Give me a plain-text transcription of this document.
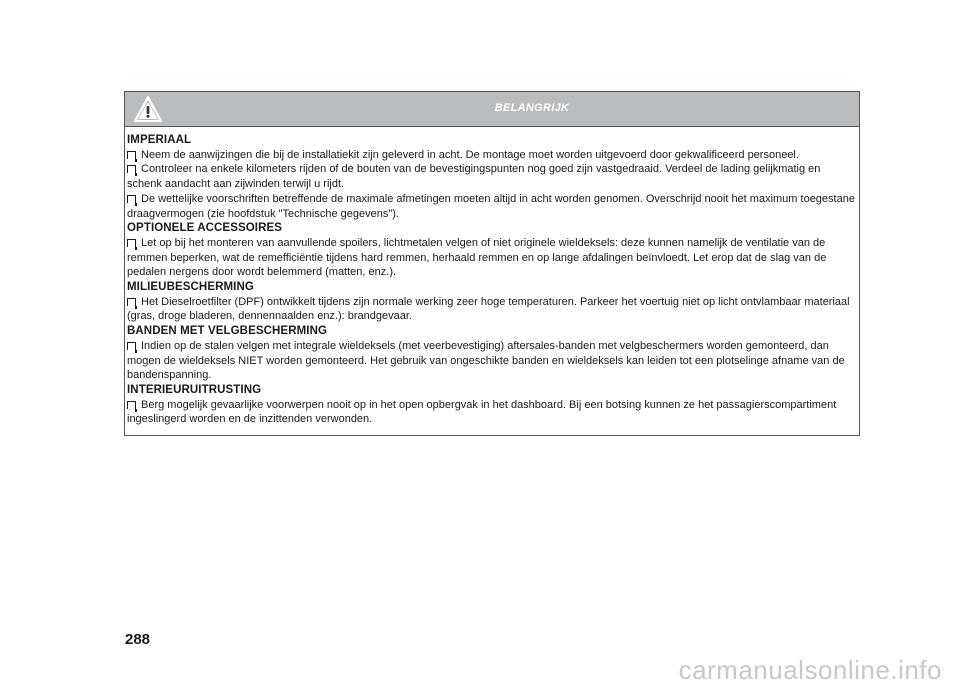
BELANGRIJK
IMPERIAAL

Neem de aanwijzingen die bij de installatiekit zijn geleverd in acht. De montage moet worden uitgevoerd door gekwalificeerd personeel.

Controleer na enkele kilometers rijden of de bouten van de bevestigingspunten nog goed zijn vastgedraaid. Verdeel de lading gelijkmatig en schenk aandacht aan zijwinden terwijl u rijdt.

De wettelijke voorschriften betreffende de maximale afmetingen moeten altijd in acht worden genomen. Overschrijd nooit het maximum toegestane draagvermogen (zie hoofdstuk "Technische gegevens").

OPTIONELE ACCESSOIRES

Let op bij het monteren van aanvullende spoilers, lichtmetalen velgen of niet originele wieldeksels: deze kunnen namelijk de ventilatie van de remmen beperken, wat de remefficiëntie tijdens hard remmen, herhaald remmen en op lange afdalingen beïnvloedt. Let erop dat de slag van de pedalen nergens door wordt belemmerd (matten, enz.).

MILIEUBESCHERMING

Het Dieselroetfilter (DPF) ontwikkelt tijdens zijn normale werking zeer hoge temperaturen. Parkeer het voertuig niet op licht ontvlambaar materiaal (gras, droge bladeren, dennennaalden enz.): brandgevaar.

BANDEN MET VELGBESCHERMING

Indien op de stalen velgen met integrale wieldeksels (met veerbevestiging) aftersales-banden met velgbeschermers worden gemonteerd, dan mogen de wieldeksels NIET worden gemonteerd. Het gebruik van ongeschikte banden en wieldeksels kan leiden tot een plotselinge afname van de bandenspanning.

INTERIEURUITRUSTING

Berg mogelijk gevaarlijke voorwerpen nooit op in het open opbergvak in het dashboard. Bij een botsing kunnen ze het passagierscompartiment ingeslingerd worden en de inzittenden verwonden.

288
carmanualsonline.info
